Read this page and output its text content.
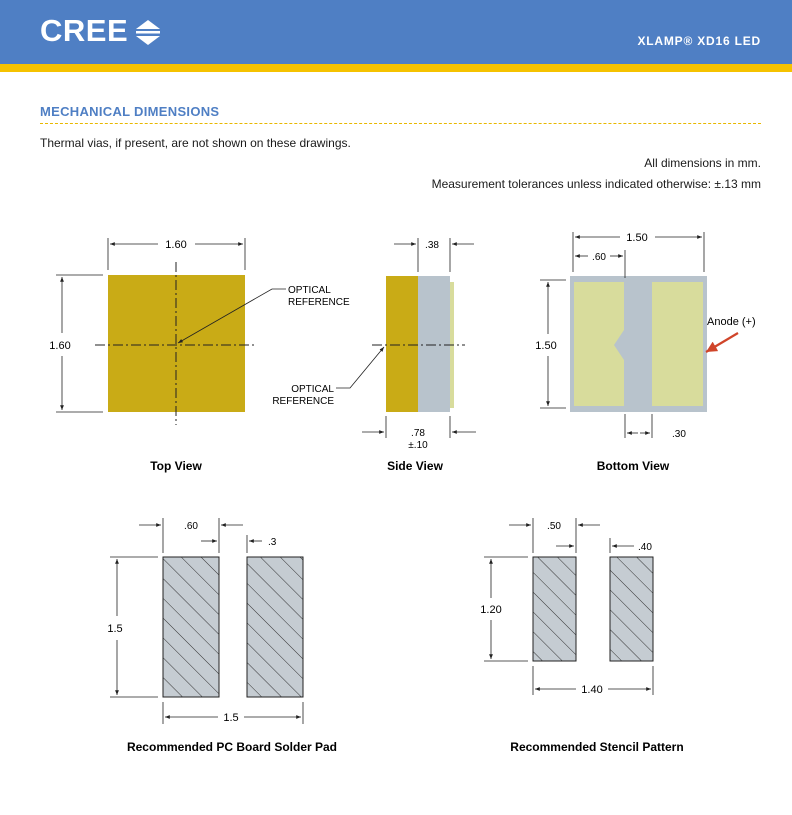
CREE	XLAMP® XD16 LED
MECHANICAL DIMENSIONS
Thermal vias, if present, are not shown on these drawings.
All dimensions in mm.
Measurement tolerances unless indicated otherwise: ±.13 mm
1.60
1.60
OPTICAL
REFERENCE
Top View
.38
.78
±.10
OPTICAL
REFERENCE
Side View
1.50
.60
1.50
.30
Anode (+)
Bottom View
.60
.3
1.5
1.5
Recommended PC Board Solder Pad
.50
.40
1.20
1.40
Recommended Stencil Pattern
